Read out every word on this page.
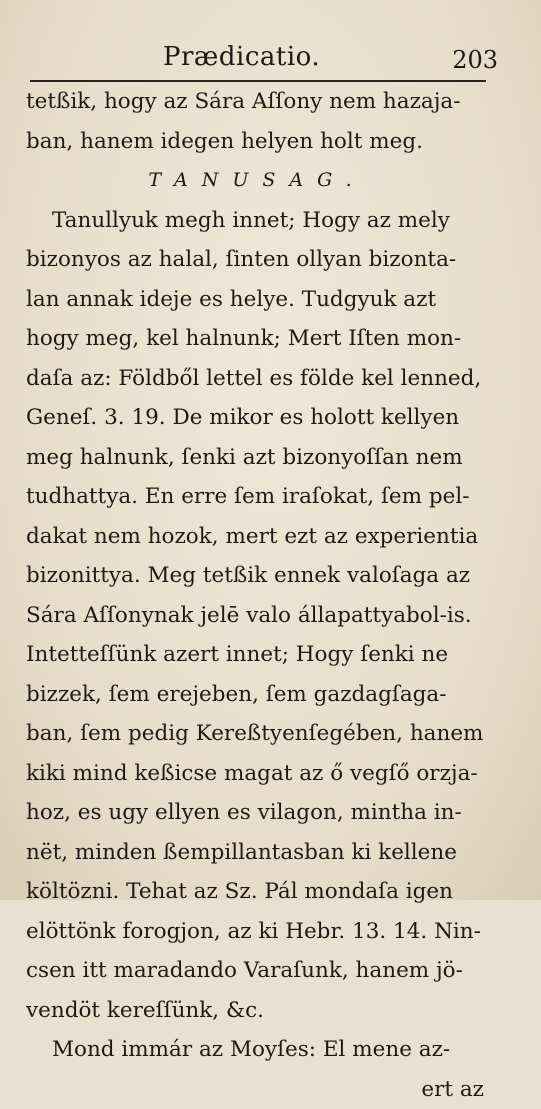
Prædicatio.	203
tetßik, hogy az Sára Aſſony nem hazaja-
ban, hanem idegen helyen holt meg.
TANUSAG.
Tanullyuk megh innet; Hogy az mely
bizonyos az halal, ſinten ollyan bizonta-
lan annak ideje es helye. Tudgyuk azt
hogy meg, kel halnunk; Mert Iſten mon-
daſa az: Földből lettel es földe kel lenned,
Geneſ. 3. 19. De mikor es holott kellyen
meg halnunk, ſenki azt bizonyoſſan nem
tudhattya. En erre ſem iraſokat, ſem pel-
dakat nem hozok, mert ezt az experientia
bizonittya. Meg tetßik ennek valoſaga az
Sára Aſſonynak jelē valo állapattyabol-is.
Intetteſſünk azert innet; Hogy ſenki ne
bizzek, ſem erejeben, ſem gazdagſaga-
ban, ſem pedig Kereßtyenſegében, hanem
kiki mind keßicse magat az ő vegſő orzja-
hoz, es ugy ellyen es vilagon, mintha in-
nët, minden ßempillantasban ki kellene
költözni. Tehat az Sz. Pál mondaſa igen
elöttönk forogjon, az ki Hebr. 13. 14. Nin-
csen itt maradando Varaſunk, hanem jö-
vendöt kereſſünk, &c.
Mond immár az Moyſes: El mene az-
ert az
